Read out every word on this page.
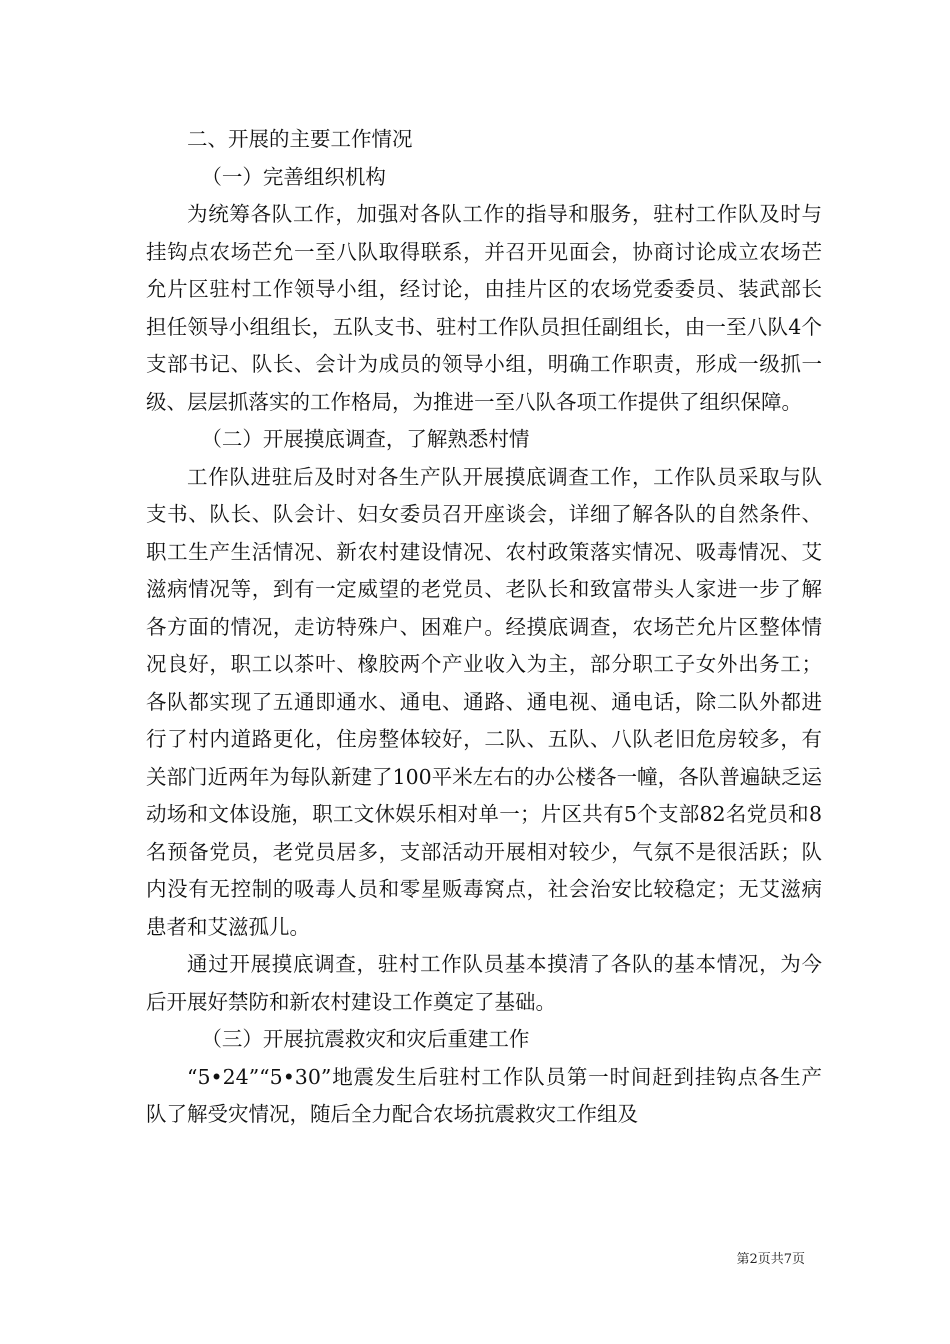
二、开展的主要工作情况

（一）完善组织机构

为统筹各队工作，加强对各队工作的指导和服务，驻村工作队及时与挂钩点农场芒允一至八队取得联系，并召开见面会，协商讨论成立农场芒允片区驻村工作领导小组，经讨论，由挂片区的农场党委委员、装武部长担任领导小组组长，五队支书、驻村工作队员担任副组长，由一至八队4个支部书记、队长、会计为成员的领导小组，明确工作职责，形成一级抓一级、层层抓落实的工作格局，为推进一至八队各项工作提供了组织保障。

（二）开展摸底调查，了解熟悉村情

工作队进驻后及时对各生产队开展摸底调查工作，工作队员采取与队支书、队长、队会计、妇女委员召开座谈会，详细了解各队的自然条件、职工生产生活情况、新农村建设情况、农村政策落实情况、吸毒情况、艾滋病情况等，到有一定威望的老党员、老队长和致富带头人家进一步了解各方面的情况，走访特殊户、困难户。经摸底调查，农场芒允片区整体情况良好，职工以茶叶、橡胶两个产业收入为主，部分职工子女外出务工；各队都实现了五通即通水、通电、通路、通电视、通电话，除二队外都进行了村内道路更化，住房整体较好，二队、五队、八队老旧危房较多，有关部门近两年为每队新建了100平米左右的办公楼各一幢，各队普遍缺乏运动场和文体设施，职工文休娱乐相对单一；片区共有5个支部82名党员和8名预备党员，老党员居多，支部活动开展相对较少，气氛不是很活跃；队内没有无控制的吸毒人员和零星贩毒窝点，社会治安比较稳定；无艾滋病患者和艾滋孤儿。

通过开展摸底调查，驻村工作队员基本摸清了各队的基本情况，为今后开展好禁防和新农村建设工作奠定了基础。

（三）开展抗震救灾和灾后重建工作

“5•24”“5•30”地震发生后驻村工作队员第一时间赶到挂钩点各生产队了解受灾情况，随后全力配合农场抗震救灾工作组及

第2页共7页
